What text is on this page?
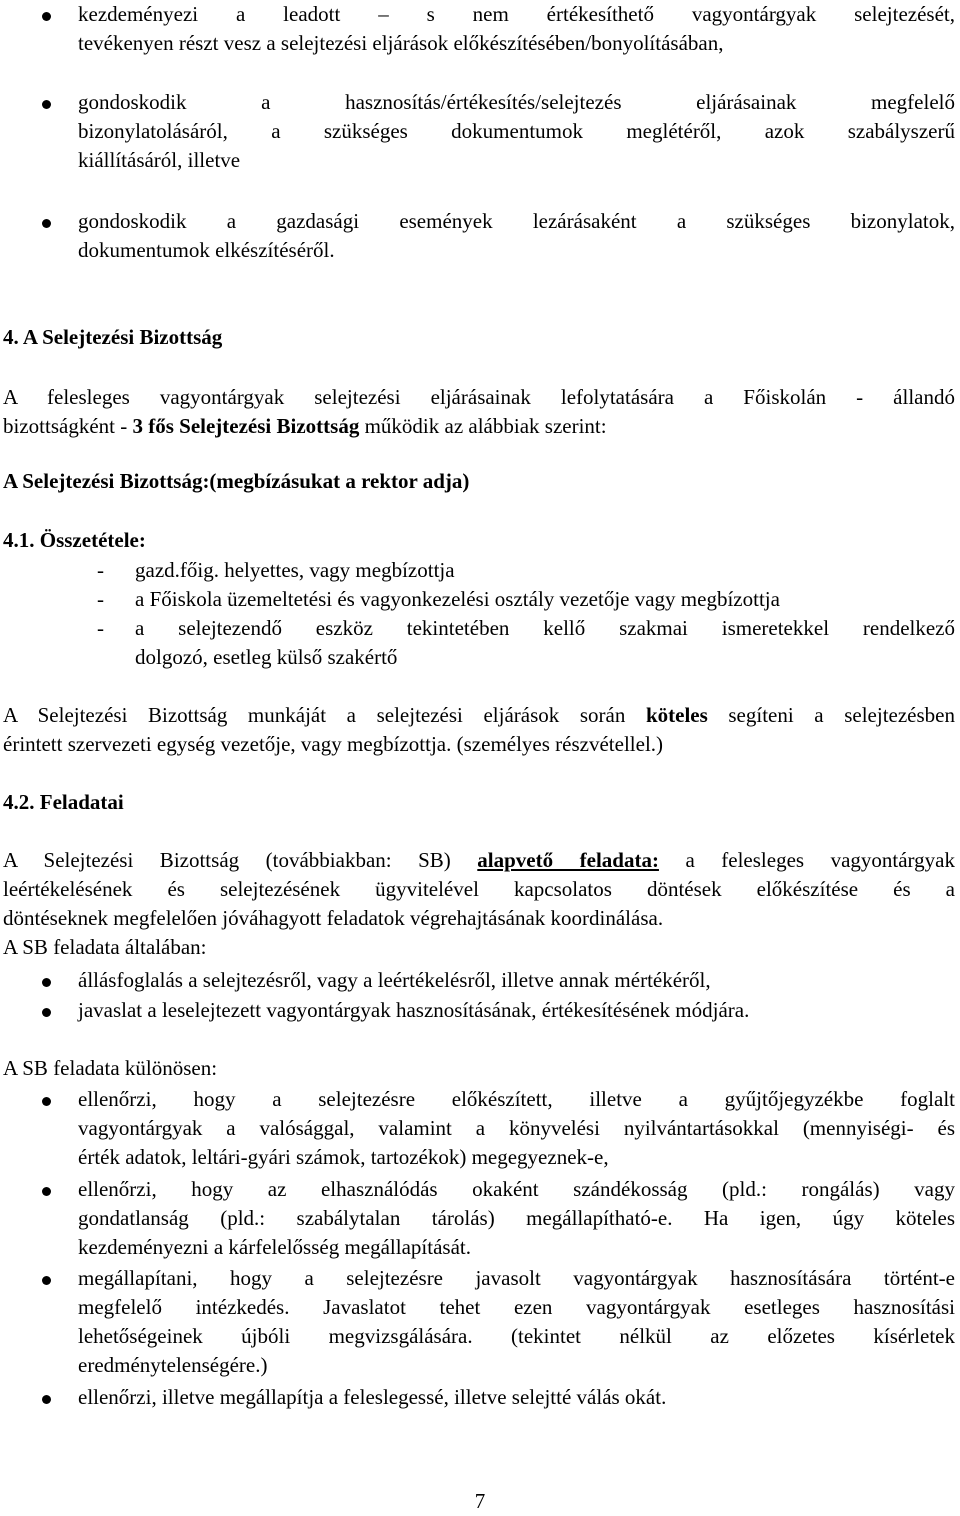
kezdeményezi a leadott – s nem értékesíthető vagyontárgyak selejtezését,
tevékenyen részt vesz a selejtezési eljárások előkészítésében/bonyolításában,
gondoskodik a hasznosítás/értékesítés/selejtezés eljárásainak megfelelő
bizonylatolásáról, a szükséges dokumentumok meglétéről, azok szabályszerű
kiállításáról, illetve
gondoskodik a gazdasági események lezárásaként a szükséges bizonylatok,
dokumentumok elkészítéséről.
4. A Selejtezési Bizottság
A felesleges vagyontárgyak selejtezési eljárásainak lefolytatására a Főiskolán - állandó
bizottságként - 3 fős Selejtezési Bizottság működik az alábbiak szerint:
A Selejtezési Bizottság:(megbízásukat a rektor adja)
4.1. Összetétele:
- gazd.főig. helyettes, vagy megbízottja
- a Főiskola üzemeltetési és vagyonkezelési osztály vezetője vagy megbízottja
- a selejtezendő eszköz tekintetében kellő szakmai ismeretekkel rendelkező
dolgozó, esetleg külső szakértő
A Selejtezési Bizottság munkáját a selejtezési eljárások során köteles segíteni a selejtezésben
érintett szervezeti egység vezetője, vagy megbízottja. (személyes részvétellel.)
4.2. Feladatai
A Selejtezési Bizottság (továbbiakban: SB) alapvető feladata: a felesleges vagyontárgyak
leértékelésének és selejtezésének ügyvitelével kapcsolatos döntések előkészítése és a
döntéseknek megfelelően jóváhagyott feladatok végrehajtásának koordinálása.
A SB feladata általában:
állásfoglalás a selejtezésről, vagy a leértékelésről, illetve annak mértékéről,
javaslat a leselejtezett vagyontárgyak hasznosításának, értékesítésének módjára.
A SB feladata különösen:
ellenőrzi, hogy a selejtezésre előkészített, illetve a gyűjtőjegyzékbe foglalt
vagyontárgyak a valósággal, valamint a könyvelési nyilvántartásokkal (mennyiségi- és
érték adatok, leltári-gyári számok, tartozékok) megegyeznek-e,
ellenőrzi, hogy az elhasználódás okaként szándékosság (pld.: rongálás) vagy
gondatlanság (pld.: szabálytalan tárolás) megállapítható-e. Ha igen, úgy köteles
kezdeményezni a kárfelelősség megállapítását.
megállapítani, hogy a selejtezésre javasolt vagyontárgyak hasznosítására történt-e
megfelelő intézkedés. Javaslatot tehet ezen vagyontárgyak esetleges hasznosítási
lehetőségeinek újbóli megvizsgálására. (tekintet nélkül az előzetes kísérletek
eredménytelenségére.)
ellenőrzi, illetve megállapítja a feleslegessé, illetve selejtté válás okát.
7
